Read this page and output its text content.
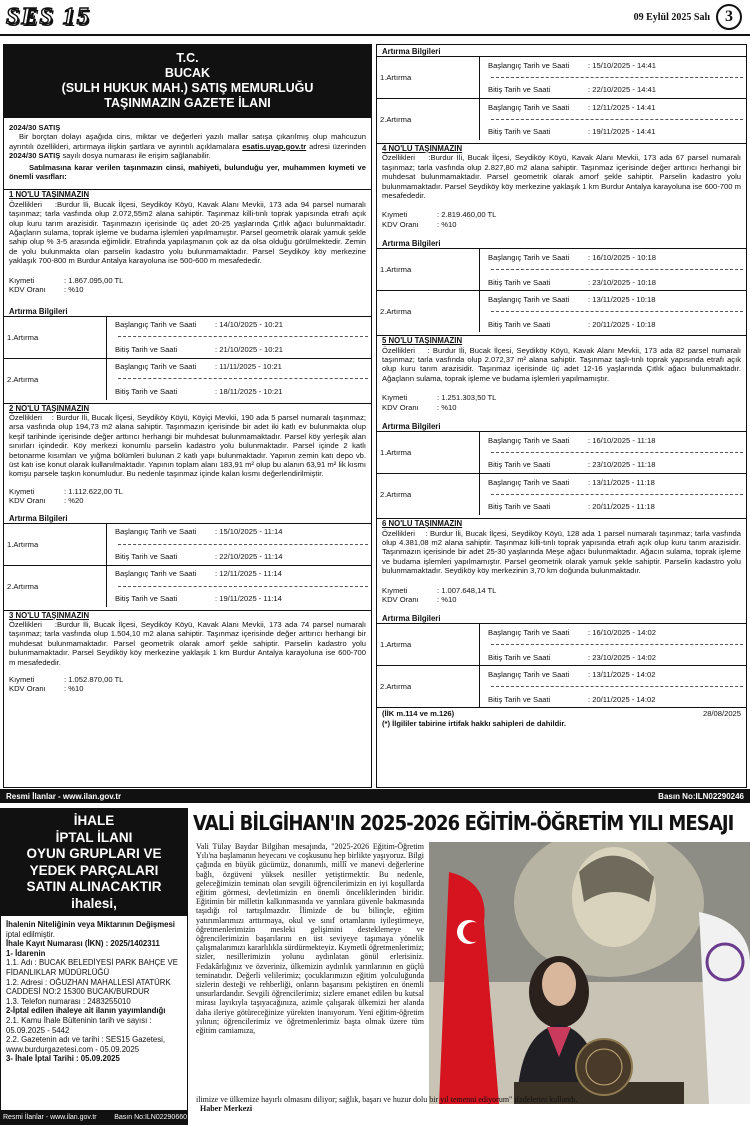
SES 15	09 Eylül 2025 Salı 3
T.C.
BUCAK
(SULH HUKUK MAH.) SATIŞ MEMURLUĞU
TAŞINMAZIN GAZETE İLANI
2024/30 SATIŞ
Bir borçtan dolayı aşağıda cins, miktar ve değerleri yazılı mallar satışa çıkarılmış olup mahcuzun ayrıntılı özellikleri, artırmaya ilişkin şartlara ve ayrıntılı açıklamalara esatis.uyap.gov.tr adresi üzerinden 2024/30 SATIŞ sayılı dosya numarası ile erişim sağlanabilir.
Satılmasına karar verilen taşınmazın cinsi, mahiyeti, bulunduğu yer, muhammen kıymeti ve önemli vasıfları:
1 NO'LU TAŞINMAZIN
Özellikleri :Burdur İli, Bucak İlçesi, Seydiköy Köyü, Kavak Alanı Mevkii, 173 ada 94 parsel numaralı taşınmaz; tarla vasfında olup 2.072,55m2 alana sahiptir. Taşınmaz killi-tınlı toprak yapısında etrafı açık olup kuru tarım arazisidir. Taşınmazın içerisinde üç adet 20-25 yaşlarında Çıtlık ağacı bulunmaktadır. Ağaçların sulama, toprak işleme ve budama işlemleri yapılmamıştır. Parsel geometrik olarak yamuk şekle sahip olup % 3-5 arasında eğimlidir. Etrafında yapılaşmanın çok az da olsa olduğu görülmektedir. Zemin de yolu bulunmakta olan parselin kadastro yolu bulunmamaktadır. Parsel Seydiköy köy merkezine yaklaşık 700-800 m Burdur Antalya karayoluna ise 500-600 m mesafededir.
Kıymeti	: 1.867.095,00 TL
KDV Oranı	: %10
Artırma Bilgileri
1.Artırma
Başlangıç Tarih ve Saati	: 14/10/2025 - 10:21
Bitiş Tarih ve Saati	: 21/10/2025 - 10:21
2.Artırma
Başlangıç Tarih ve Saati	: 11/11/2025 - 10:21
Bitiş Tarih ve Saati	: 18/11/2025 - 10:21
2 NO'LU TAŞINMAZIN
Özellikleri : Burdur İli, Bucak İlçesi, Seydiköy Köyü, Köyiçi Mevkii, 190 ada 5 parsel numaralı taşınmaz; arsa vasfında olup 194,73 m2 alana sahiptir. Taşınmazın içerisinde bir adet iki katlı ev bulunmakta olup keşif tarihinde içerisinde değer arttırıcı herhangi bir muhdesat bulunmamaktadır. Parsel köy yerleşik alan sınırları içindedir. Köy merkezi konumlu parselin kadastro yolu bulunmaktadır. Parsel içinde 2 katlı betonarme kısımları ve yığma bölümleri bulunan 2 katlı yapı bulunmaktadır. Yapının zemin katı depo vb. üst katı ise konut olarak kullanılmaktadır. Yapının toplam alanı 183,91 m² olup bu alanın 63,91 m² lik kısmı komşu parsele taşkın konumludur. Bu nedenle taşınmaz içinde kalan kısmı değerlendirilmiştir.
Kıymeti	: 1.112.622,00 TL
KDV Oranı	: %20
Artırma Bilgileri
1.Artırma
Başlangıç Tarih ve Saati	: 15/10/2025 - 11:14
Bitiş Tarih ve Saati	: 22/10/2025 - 11:14
2.Artırma
Başlangıç Tarih ve Saati	: 12/11/2025 - 11:14
Bitiş Tarih ve Saati	: 19/11/2025 - 11:14
3 NO'LU TAŞINMAZIN
Özellikleri :Burdur İli, Bucak İlçesi, Seydiköy Köyü, Kavak Alanı Mevkii, 173 ada 74 parsel numaralı taşınmaz; tarla vasfında olup 1.504,10 m2 alana sahiptir. Taşınmaz içerisinde değer arttırıcı herhangi bir muhdesat bulunmamaktadır. Parsel geometrik olarak amorf şekle sahiptir. Parselin kadastro yolu bulunmamaktadır. Parsel Seydiköy köy merkezine yaklaşık 1 km Burdur Antalya karayoluna ise 600-700 m mesafededir.
Kıymeti	: 1.052.870,00 TL
KDV Oranı	: %10
Artırma Bilgileri
1.Artırma
Başlangıç Tarih ve Saati	: 15/10/2025 - 14:41
Bitiş Tarih ve Saati	: 22/10/2025 - 14:41
2.Artırma
Başlangıç Tarih ve Saati	: 12/11/2025 - 14:41
Bitiş Tarih ve Saati	: 19/11/2025 - 14:41
4 NO'LU TAŞINMAZIN
Özellikleri :Burdur İli, Bucak İlçesi, Seydiköy Köyü, Kavak Alanı Mevkii, 173 ada 67 parsel numaralı taşınmaz; tarla vasfında olup 2.827,80 m2 alana sahiptir. Taşınmaz içerisinde değer arttırıcı herhangi bir muhdesat bulunmamaktadır. Parsel geometrik olarak amorf şekle sahiptir. Parselin kadastro yolu bulunmamaktadır. Parsel Seydiköy köy merkezine yaklaşık 1 km Burdur Antalya karayoluna ise 600-700 m mesafededir.
Kıymeti	: 2.819.460,00 TL
KDV Oranı	: %10
Artırma Bilgileri
1.Artırma
Başlangıç Tarih ve Saati	: 16/10/2025 - 10:18
Bitiş Tarih ve Saati	: 23/10/2025 - 10:18
2.Artırma
Başlangıç Tarih ve Saati	: 13/11/2025 - 10:18
Bitiş Tarih ve Saati	: 20/11/2025 - 10:18
5 NO'LU TAŞINMAZIN
Özellikleri : Burdur İli, Bucak İlçesi, Seydiköy Köyü, Kavak Alanı Mevkii, 173 ada 82 parsel numaralı taşınmaz; tarla vasfında olup 2.072,37 m² alana sahiptir. Taşınmaz taşlı-tınlı toprak yapısında etrafı açık olup kuru tarım arazisidir. Taşınmaz içerisinde üç adet 12-16 yaşlarında Çıtlık ağacı bulunmaktadır. Ağaçların sulama, toprak işleme ve budama işlemleri yapılmamıştır.
Kıymeti	: 1.251.303,50 TL
KDV Oranı	: %10
Artırma Bilgileri
1.Artırma
Başlangıç Tarih ve Saati	: 16/10/2025 - 11:18
Bitiş Tarih ve Saati	: 23/10/2025 - 11:18
2.Artırma
Başlangıç Tarih ve Saati	: 13/11/2025 - 11:18
Bitiş Tarih ve Saati	: 20/11/2025 - 11:18
6 NO'LU TAŞINMAZIN
Özellikleri : Burdur İli, Bucak İlçesi, Seydiköy Köyü, 128 ada 1 parsel numaralı taşınmaz; tarla vasfında olup 4.381,08 m2 alana sahiptir. Taşınmaz killi-tınlı toprak yapısında etrafı açık olup kuru tarım arazisidir. Taşınmazın içerisinde bir adet 25-30 yaşlarında Meşe ağacı bulunmaktadır. Ağacın sulama, toprak işleme ve budama işlemleri yapılmamıştır. Parsel geometrik olarak yamuk şekle sahiptir. Parselin kadastro yolu bulunmamaktadır. Seydiköy köy merkezinin 3,70 km doğunda bulunmaktadır.
Kıymeti	: 1.007.648,14 TL
KDV Oranı	: %10
Artırma Bilgileri
1.Artırma
Başlangıç Tarih ve Saati	: 16/10/2025 - 14:02
Bitiş Tarih ve Saati	: 23/10/2025 - 14:02
2.Artırma
Başlangıç Tarih ve Saati	: 13/11/2025 - 14:02
Bitiş Tarih ve Saati	: 20/11/2025 - 14:02
(İİK m.114 ve m.126)	28/08/2025
(*) İlgililer tabirine irtifak hakkı sahipleri de dahildir.
Resmi İlanlar - www.ilan.gov.tr	Basın No:ILN02290246
İHALE
İPTAL İLANI
OYUN GRUPLARI VE
YEDEK PARÇALARI
SATIN ALINACAKTIR
ihalesi,
İhalenin Niteliğinin veya Miktarının Değişmesi
iptal edilmiştir.
İhale Kayıt Numarası (İKN) : 2025/1402311
1- İdarenin
1.1. Adı : BUCAK BELEDİYESİ PARK BAHÇE VE FİDANLIKLAR MÜDÜRLÜĞÜ
1.2. Adresi : OĞUZHAN MAHALLESİ ATATÜRK CADDESİ NO:2 15300 BUCAK/BURDUR
1.3. Telefon numarası : 2483255010
2-İptal edilen ihaleye ait ilanın yayımlandığı
2.1. Kamu İhale Bülteninin tarih ve sayısı : 05.09.2025 - 5442
2.2. Gazetenin adı ve tarihi : SES15 Gazetesi, www.burdurgazetesi.com - 05.09.2025
3- İhale İptal Tarihi : 05.09.2025
Resmi İlanlar - www.ilan.gov.tr	Basın No:ILN02290660
VALİ BİLGİHAN'IN 2025-2026 EĞİTİM-ÖĞRETİM YILI MESAJI
Vali Tülay Baydar Bilgihan mesajında, "2025-2026 Eğitim-Öğretim Yılı'na başlamanın heyecanı ve coşkusunu hep birlikte yaşıyoruz. Bilgi çağında en büyük gücümüz, donanımlı, millî ve manevi değerlerine bağlı, özgüveni yüksek nesiller yetiştirmektir. Bu nedenle, geleceğimizin teminatı olan sevgili öğrencilerimizin en iyi koşullarda eğitim görmesi, devletimizin en önemli önceliklerinden biridir. Eğitimin bir milletin kalkınmasında ve yarınlara güvenle bakmasında taşıdığı rol tartışılmazdır. İlimizde de bu bilinçle, eğitim yatırımlarımızı arttırmaya, okul ve sınıf ortamlarını iyileştirmeye, öğretmenlerimizin mesleki gelişimini desteklemeye ve öğrencilerimizin başarılarını en üst seviyeye taşımaya yönelik çalışmalarımızı kararlılıkla sürdürmekteyiz. Kıymetli öğretmenlerimiz; sizler, nesillerimizin yolunu aydınlatan gönül erlerisiniz. Fedakârlığınız ve özveriniz, ülkemizin aydınlık yarınlarının en güçlü teminatıdır. Değerli velilerimiz; çocuklarımızın eğitim yolculuğunda sizlerin desteği ve rehberliği, onların başarısını pekiştiren en önemli unsurlardandır. Sevgili öğrencilerimiz; sizlere emanet edilen bu kutsal mirası layıkıyla taşıyacağınıza, azimle çalışarak ülkemizi her alanda daha ileriye götüreceğinize yürekten inanıyorum. Yeni eğitim-öğretim yılının; öğrencilerimiz ve öğretmenlerimiz başta olmak üzere tüm eğitim camiamıza,
ilimize ve ülkemize hayırlı olmasını diliyor; sağlık, başarı ve huzur dolu bir yıl temenni ediyorum" ifadelerini kullandı.
Haber Merkezi
